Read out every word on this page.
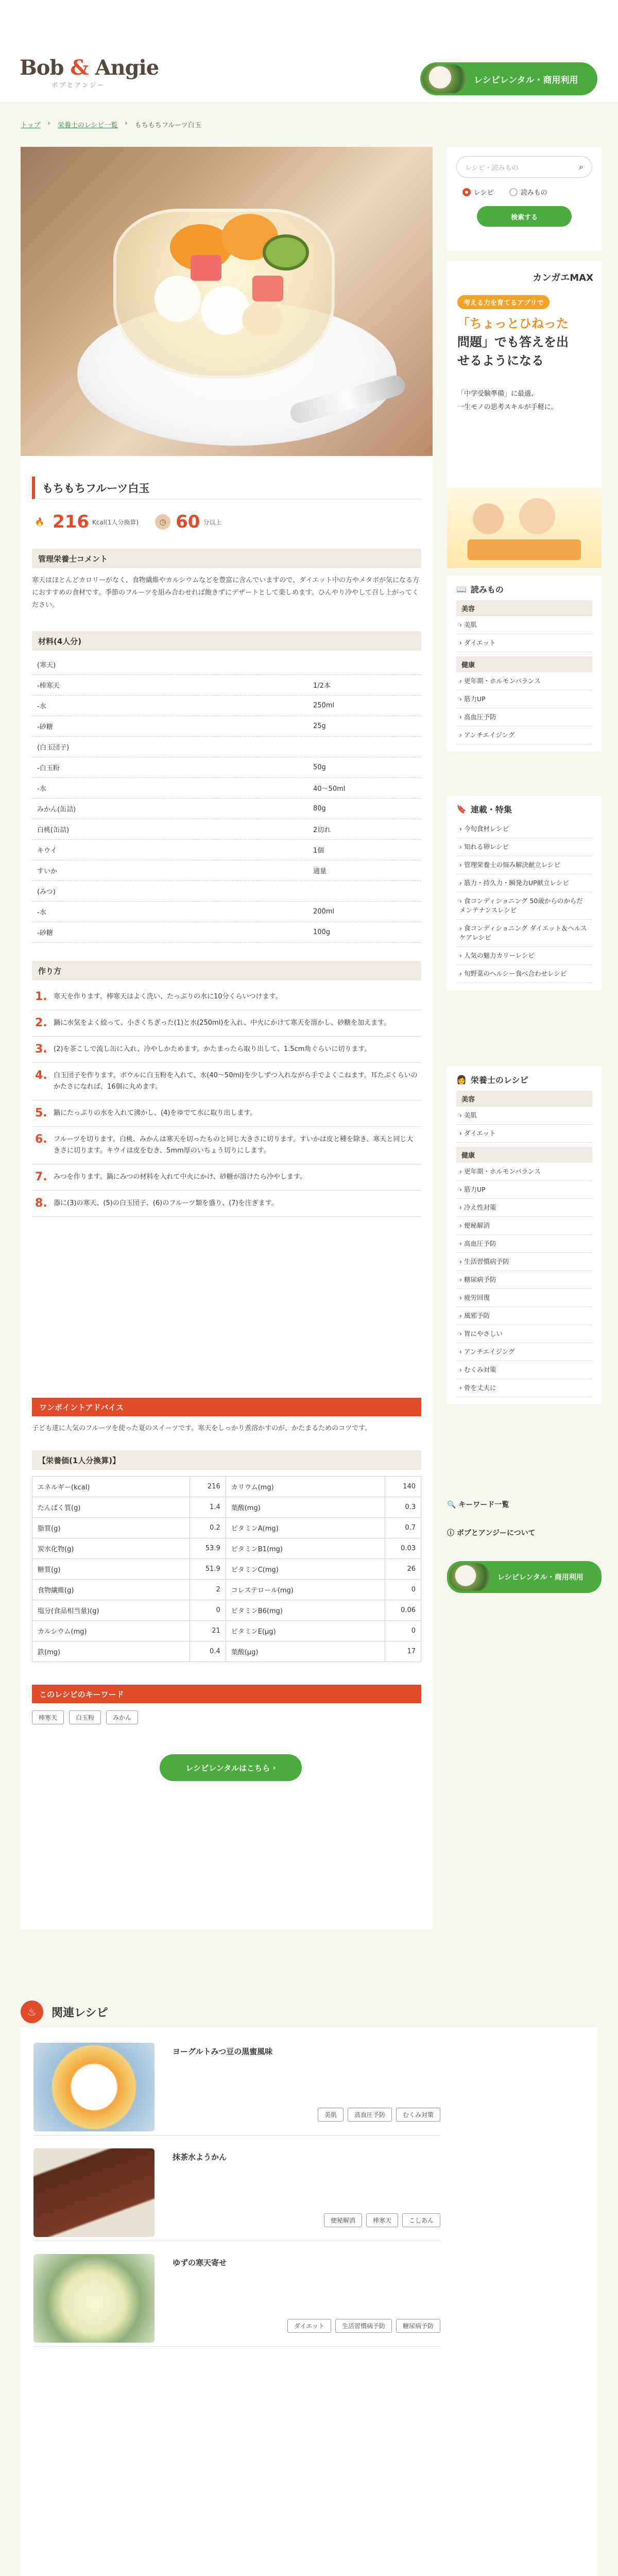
Bob & Angie
ボブとアンジー	レシピレンタル・商用利用
トップ › 栄養士のレシピ一覧 › もちもちフルーツ白玉
もちもちフルーツ白玉
🔥 216 Kcal(1人分換算)	◷ 60 分以上
管理栄養士コメント
寒天はほとんどカロリーがなく、食物繊維やカルシウムなどを豊富に含んでいますので、ダイエット中の方やメタボが気になる方におすすめの食材です。季節のフルーツを組み合わせれば飽きずにデザートとして楽しめます。ひんやり冷やして召し上がってください。
材料(4人分)
(寒天)
-棒寒天	1/2本
-水	250ml
-砂糖	25g
(白玉団子)
-白玉粉	50g
-水	40～50ml
みかん(缶詰)	80g
白桃(缶詰)	2切れ
キウイ	1個
すいか	適量
(みつ)
-水	200ml
-砂糖	100g
作り方
1. 寒天を作ります。棒寒天はよく洗い、たっぷりの水に10分くらいつけます。
2. 鍋に水気をよく絞って、小さくちぎった(1)と水(250ml)を入れ、中火にかけて寒天を溶かし、砂糖を加えます。
3. (2)を茶こしで流し缶に入れ、冷やしかためます。かたまったら取り出して、1.5cm角ぐらいに切ります。
4. 白玉団子を作ります。ボウルに白玉粉を入れて、水(40～50ml)を少しずつ入れながら手でよくこねます。耳たぶくらいのかたさになれば、16個に丸めます。
5. 鍋にたっぷりの水を入れて沸かし、(4)をゆでて水に取り出します。
6. フルーツを切ります。白桃、みかんは寒天を切ったものと同じ大きさに切ります。すいかは皮と種を除き、寒天と同じ大きさに切ります。キウイは皮をむき、5mm厚のいちょう切りにします。
7. みつを作ります。鍋にみつの材料を入れて中火にかけ、砂糖が溶けたら冷やします。
8. 器に(3)の寒天、(5)の白玉団子、(6)のフルーツ類を盛り、(7)を注ぎます。
ワンポイントアドバイス
子ども達に人気のフルーツを使った夏のスイーツです。寒天をしっかり煮溶かすのが、かたまるためのコツです。
【栄養価(1人分換算)】
エネルギー(kcal)	216	カリウム(mg)	140
たんぱく質(g)	1.4	葉酸(mg)	0.3
脂質(g)	0.2	ビタミンA(mg)	0.7
炭水化物(g)	53.9	ビタミンB1(mg)	0.03
糖質(g)	51.9	ビタミンC(mg)	26
食物繊維(g)	2	コレステロール(mg)	0
塩分(食品相当量)(g)	0	ビタミンB6(mg)	0.06
カルシウム(mg)	21	ビタミンE(μg)	0
鉄(mg)	0.4	葉酸(μg)	17
このレシピのキーワード
棒寒天	白玉粉	みかん
レシピレンタルはこちら ›
レシピ・読みもの	⌕
レシピ	読みもの
検索する
カンガエMAX
考える力を育てるアプリで
「ちょっとひねった
問題」でも答えを出
せるようになる
「中学受験準備」に最適、
一生モノの思考スキルが手軽に。
📖 読みもの
美容
› 美肌
› ダイエット
健康
› 更年期・ホルモンバランス
› 筋力UP
› 高血圧予防
› アンチエイジング
🔖 連載・特集
› 今旬食材レシピ
› 知れる卵レシピ
› 管理栄養士の悩み解決献立レシピ
› 筋力・持久力・瞬発力UP献立レシピ
› 食コンディショニング 50歳からのからだメンテナンスレシピ
› 食コンディショニング ダイエット＆ヘルスケアレシピ
› 人気の魅力カリーレシピ
› 旬野菜のヘルシー食べ合わせレシピ
👩 栄養士のレシピ
美容
› 美肌
› ダイエット
健康
› 更年期・ホルモンバランス
› 筋力UP
› 冷え性対策
› 便秘解消
› 高血圧予防
› 生活習慣病予防
› 糖尿病予防
› 疲労回復
› 風邪予防
› 胃にやさしい
› アンチエイジング
› むくみ対策
› 骨を丈夫に
🔍 キーワード一覧
ⓘ ボブとアンジーについて
レシピレンタル・商用利用
♨	関連レシピ
ヨーグルトみつ豆の黒蜜風味
美肌	高血圧予防	むくみ対策
抹茶水ようかん
便秘解消	棒寒天	こしあん
ゆずの寒天寄せ
ダイエット	生活習慣病予防	糖尿病予防
